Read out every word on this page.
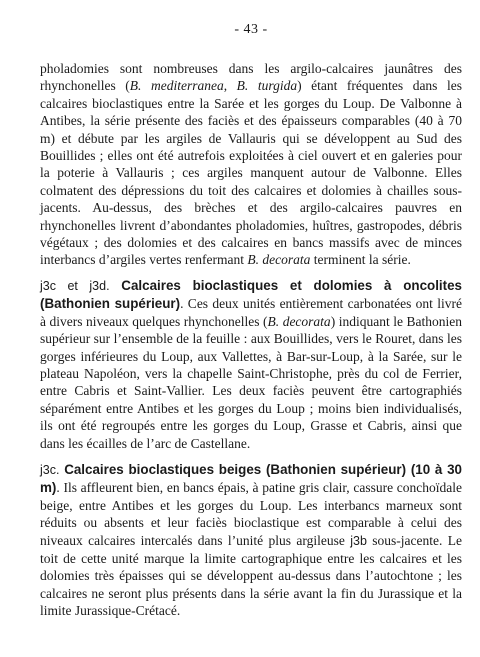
- 43 -

pholadomies sont nombreuses dans les argilo-calcaires jaunâtres des rhynchonelles (B. mediterranea, B. turgida) étant fréquentes dans les calcaires bioclastiques entre la Sarée et les gorges du Loup. De Valbonne à Antibes, la série présente des faciès et des épaisseurs comparables (40 à 70 m) et débute par les argiles de Vallauris qui se développent au Sud des Bouillides ; elles ont été autrefois exploitées à ciel ouvert et en galeries pour la poterie à Vallauris ; ces argiles manquent autour de Valbonne. Elles colmatent des dépressions du toit des calcaires et dolomies à chailles sous-jacents. Au-dessus, des brèches et des argilo-calcaires pauvres en rhynchonelles livrent d’abondantes pholadomies, huîtres, gastropodes, débris végétaux ; des dolomies et des calcaires en bancs massifs avec de minces interbancs d’argiles vertes renfermant B. decorata terminent la série.

j3c et j3d. Calcaires bioclastiques et dolomies à oncolites (Bathonien supérieur). Ces deux unités entièrement carbonatées ont livré à divers niveaux quelques rhynchonelles (B. decorata) indiquant le Bathonien supérieur sur l’ensemble de la feuille : aux Bouillides, vers le Rouret, dans les gorges inférieures du Loup, aux Vallettes, à Bar-sur-Loup, à la Sarée, sur le plateau Napoléon, vers la chapelle Saint-Christophe, près du col de Ferrier, entre Cabris et Saint-Vallier. Les deux faciès peuvent être cartographiés séparément entre Antibes et les gorges du Loup ; moins bien individualisés, ils ont été regroupés entre les gorges du Loup, Grasse et Cabris, ainsi que dans les écailles de l’arc de Castellane.

j3c. Calcaires bioclastiques beiges (Bathonien supérieur) (10 à 30 m). Ils affleurent bien, en bancs épais, à patine gris clair, cassure conchoïdale beige, entre Antibes et les gorges du Loup. Les interbancs marneux sont réduits ou absents et leur faciès bioclastique est comparable à celui des niveaux calcaires intercalés dans l’unité plus argileuse j3b sous-jacente. Le toit de cette unité marque la limite cartographique entre les calcaires et les dolomies très épaisses qui se développent au-dessus dans l’autochtone ; les calcaires ne seront plus présents dans la série avant la fin du Jurassique et la limite Jurassique-Crétacé.
